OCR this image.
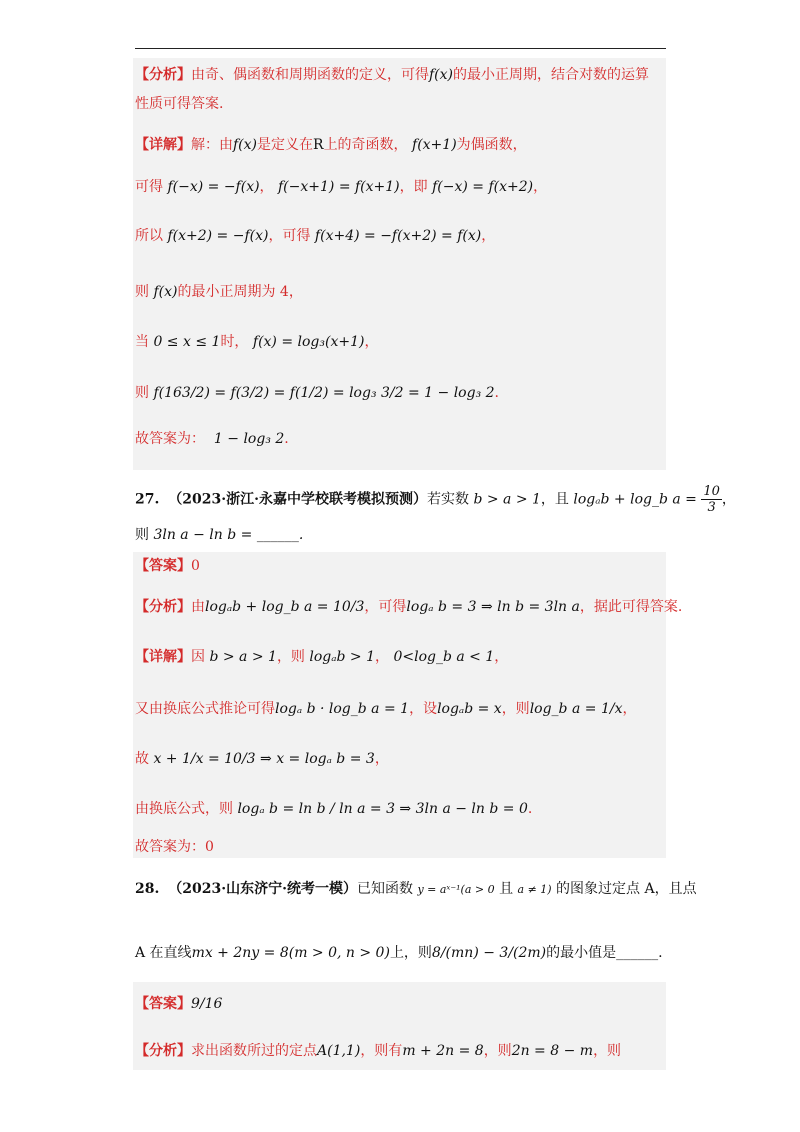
【分析】由奇、偶函数和周期函数的定义，可得f(x)的最小正周期，结合对数的运算
性质可得答案.
【详解】解：由f(x)是定义在R上的奇函数， f(x+1)为偶函数，
可得 f(−x) = −f(x)， f(−x+1) = f(x+1)，即 f(−x) = f(x+2)，
所以 f(x+2) = −f(x)，可得 f(x+4) = −f(x+2) = f(x)，
则 f(x)的最小正周期为 4，
当 0 ≤ x ≤ 1时， f(x) = log₃(x+1)，
则 f(163/2) = f(3/2) = f(1/2) = log₃ 3/2 = 1 − log₃ 2.
故答案为： 1 − log₃ 2.
27. （2023·浙江·永嘉中学校联考模拟预测）若实数 b > a > 1，且 logₐb + log_b $a = \frac{10}{3}$ ，
则 3ln a − ln b = ______.
【答案】0
【分析】由logₐb + log_b a = 10/3，可得logₐ b = 3 ⇒ ln b = 3ln a，据此可得答案.
【详解】因 b > a > 1，则 logₐb > 1， 0<log_b a < 1，
又由换底公式推论可得logₐ b · log_b a = 1，设logₐb = x，则log_b a = 1/x，
故 x + 1/x = 10/3 ⇒ x = logₐ b = 3，
由换底公式，则 logₐ b = ln b / ln a = 3 ⇒ 3ln a − ln b = 0.
故答案为：0
28. （2023·山东济宁·统考一模）已知函数 y = aˣ⁻¹(a > 0 且 a ≠ 1) 的图象过定点 A，且点
A 在直线mx + 2ny = 8(m > 0, n > 0)上，则8/(mn) − 3/(2m)的最小值是______.
【答案】9/16
【分析】求出函数所过的定点A(1,1)，则有m + 2n = 8，则2n = 8 − m，则
